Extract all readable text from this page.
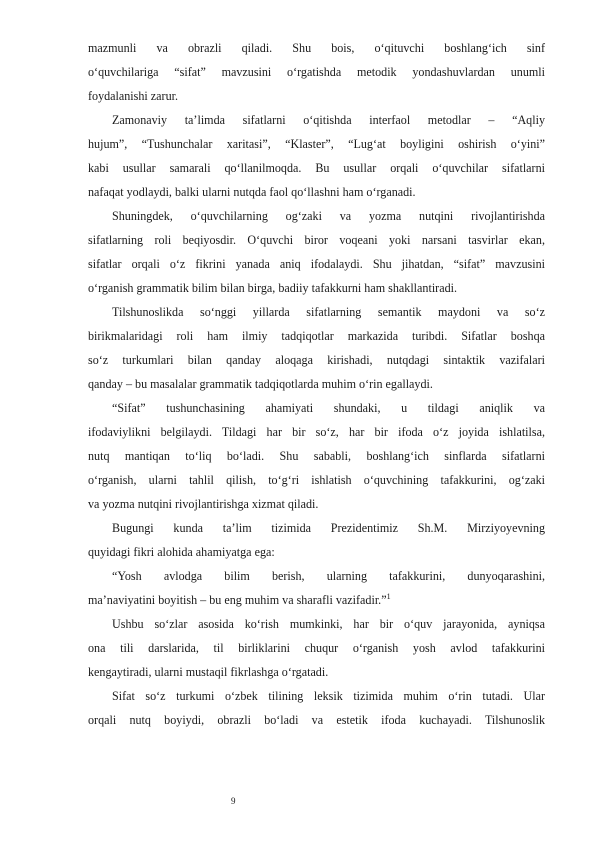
mazmunli va obrazli qiladi. Shu bois, o‘qituvchi boshlang‘ich sinf
o‘quvchilariga “sifat” mavzusini o‘rgatishda metodik yondashuvlardan unumli
foydalanishi zarur.
Zamonaviy ta’limda sifatlarni o‘qitishda interfaol metodlar – “Aqliy
hujum”, “Tushunchalar xaritasi”, “Klaster”, “Lug‘at boyligini oshirish o‘yini”
kabi usullar samarali qo‘llanilmoqda. Bu usullar orqali o‘quvchilar sifatlarni
nafaqat yodlaydi, balki ularni nutqda faol qo‘llashni ham o‘rganadi.
Shuningdek, o‘quvchilarning og‘zaki va yozma nutqini rivojlantirishda
sifatlarning roli beqiyosdir. O‘quvchi biror voqeani yoki narsani tasvirlar ekan,
sifatlar orqali o‘z fikrini yanada aniq ifodalaydi. Shu jihatdan, “sifat” mavzusini
o‘rganish grammatik bilim bilan birga, badiiy tafakkurni ham shakllantiradi.
Tilshunoslikda so‘nggi yillarda sifatlarning semantik maydoni va so‘z
birikmalaridagi roli ham ilmiy tadqiqotlar markazida turibdi. Sifatlar boshqa
so‘z turkumlari bilan qanday aloqaga kirishadi, nutqdagi sintaktik vazifalari
qanday – bu masalalar grammatik tadqiqotlarda muhim o‘rin egallaydi.
“Sifat” tushunchasining ahamiyati shundaki, u tildagi aniqlik va
ifodaviylikni belgilaydi. Tildagi har bir so‘z, har bir ifoda o‘z joyida ishlatilsa,
nutq mantiqan to‘liq bo‘ladi. Shu sababli, boshlang‘ich sinflarda sifatlarni
o‘rganish, ularni tahlil qilish, to‘g‘ri ishlatish o‘quvchining tafakkurini, og‘zaki
va yozma nutqini rivojlantirishga xizmat qiladi.
Bugungi kunda ta’lim tizimida Prezidentimiz Sh.M. Mirziyoyevning
quyidagi fikri alohida ahamiyatga ega:
“Yosh avlodga bilim berish, ularning tafakkurini, dunyoqarashini,
ma’naviyatini boyitish – bu eng muhim va sharafli vazifadir.”$^1$
Ushbu so‘zlar asosida ko‘rish mumkinki, har bir o‘quv jarayonida, ayniqsa
ona tili darslarida, til birliklarini chuqur o‘rganish yosh avlod tafakkurini
kengaytiradi, ularni mustaqil fikrlashga o‘rgatadi.
Sifat so‘z turkumi o‘zbek tilining leksik tizimida muhim o‘rin tutadi. Ular
orqali nutq boyiydi, obrazli bo‘ladi va estetik ifoda kuchayadi. Tilshunoslik
9
